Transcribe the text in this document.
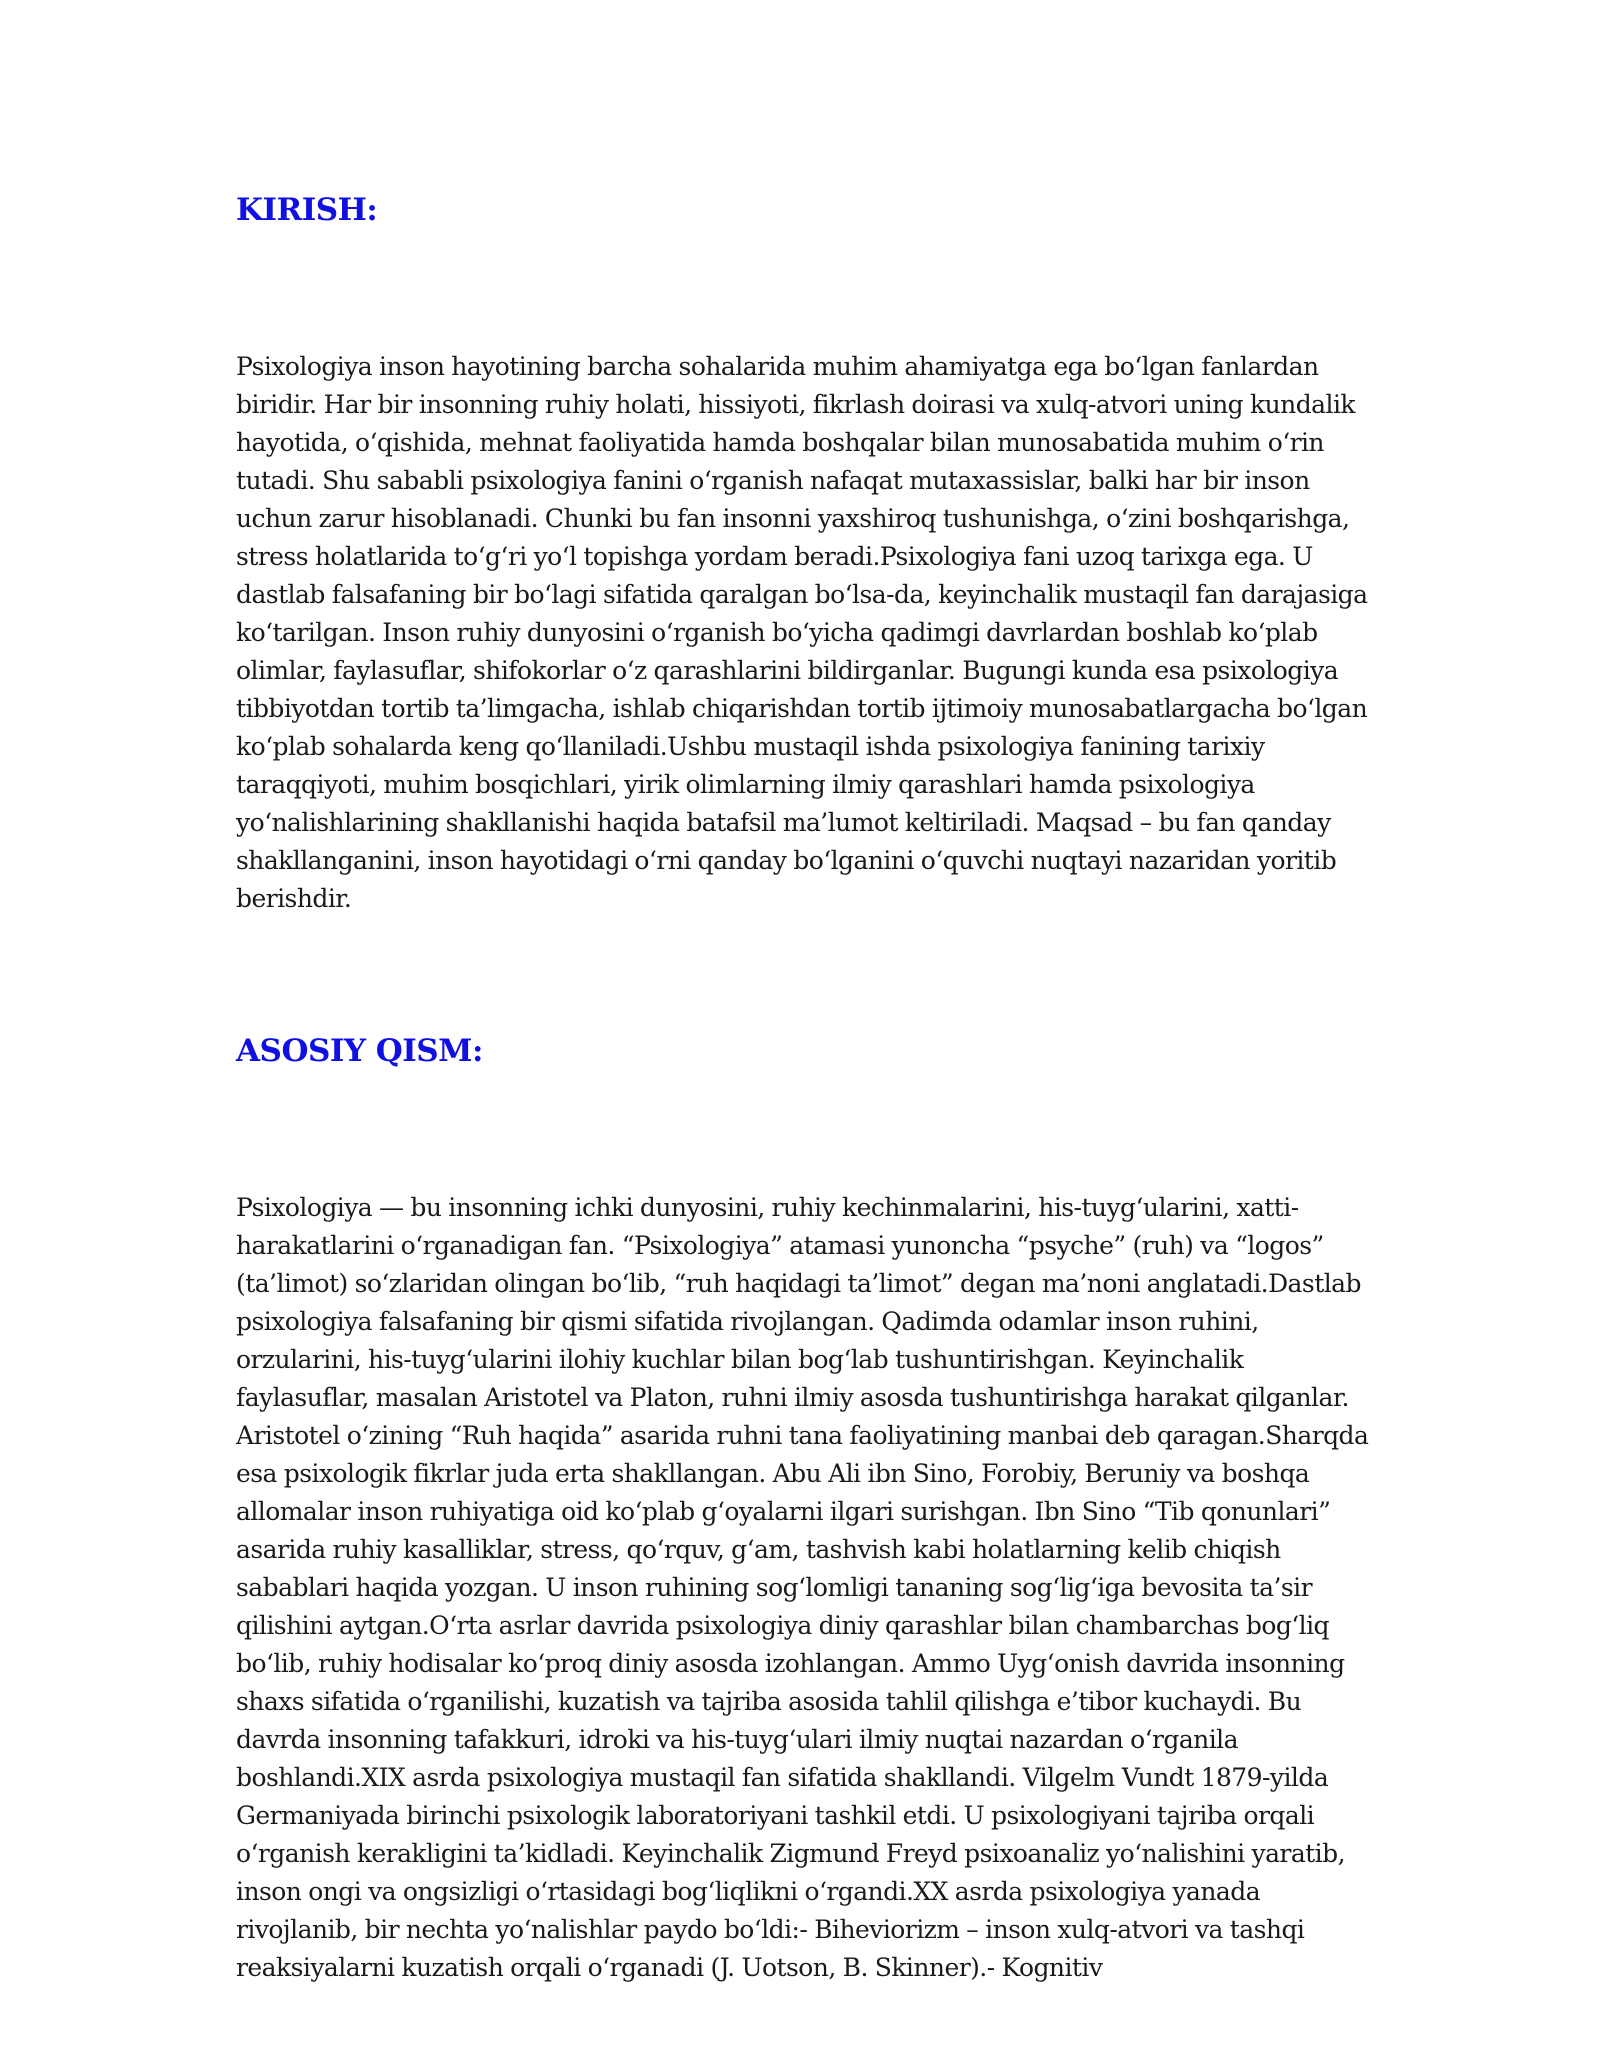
KIRISH:

Psixologiya inson hayotining barcha sohalarida muhim ahamiyatga ega bo‘lgan fanlardan biridir. Har bir insonning ruhiy holati, hissiyoti, fikrlash doirasi va xulq-atvori uning kundalik hayotida, o‘qishida, mehnat faoliyatida hamda boshqalar bilan munosabatida muhim o‘rin tutadi. Shu sababli psixologiya fanini o‘rganish nafaqat mutaxassislar, balki har bir inson uchun zarur hisoblanadi. Chunki bu fan insonni yaxshiroq tushunishga, o‘zini boshqarishga, stress holatlarida to‘g‘ri yo‘l topishga yordam beradi.Psixologiya fani uzoq tarixga ega. U dastlab falsafaning bir bo‘lagi sifatida qaralgan bo‘lsa-da, keyinchalik mustaqil fan darajasiga ko‘tarilgan. Inson ruhiy dunyosini o‘rganish bo‘yicha qadimgi davrlardan boshlab ko‘plab olimlar, faylasuflar, shifokorlar o‘z qarashlarini bildirganlar. Bugungi kunda esa psixologiya tibbiyotdan tortib ta’limgacha, ishlab chiqarishdan tortib ijtimoiy munosabatlargacha bo‘lgan ko‘plab sohalarda keng qo‘llaniladi.Ushbu mustaqil ishda psixologiya fanining tarixiy taraqqiyoti, muhim bosqichlari, yirik olimlarning ilmiy qarashlari hamda psixologiya yo‘nalishlarining shakllanishi haqida batafsil ma’lumot keltiriladi. Maqsad – bu fan qanday shakllanganini, inson hayotidagi o‘rni qanday bo‘lganini o‘quvchi nuqtayi nazaridan yoritib berishdir.

ASOSIY QISM:

Psixologiya — bu insonning ichki dunyosini, ruhiy kechinmalarini, his-tuyg‘ularini, xatti-harakatlarini o‘rganadigan fan. “Psixologiya” atamasi yunoncha “psyche” (ruh) va “logos” (ta’limot) so‘zlaridan olingan bo‘lib, “ruh haqidagi ta’limot” degan ma’noni anglatadi.Dastlab psixologiya falsafaning bir qismi sifatida rivojlangan. Qadimda odamlar inson ruhini, orzularini, his-tuyg‘ularini ilohiy kuchlar bilan bog‘lab tushuntirishgan. Keyinchalik faylasuflar, masalan Aristotel va Platon, ruhni ilmiy asosda tushuntirishga harakat qilganlar. Aristotel o‘zining “Ruh haqida” asarida ruhni tana faoliyatining manbai deb qaragan.Sharqda esa psixologik fikrlar juda erta shakllangan. Abu Ali ibn Sino, Forobiy, Beruniy va boshqa allomalar inson ruhiyatiga oid ko‘plab g‘oyalarni ilgari surishgan. Ibn Sino “Tib qonunlari” asarida ruhiy kasalliklar, stress, qo‘rquv, g‘am, tashvish kabi holatlarning kelib chiqish sabablari haqida yozgan. U inson ruhining sog‘lomligi tananing sog‘lig‘iga bevosita ta’sir qilishini aytgan.O‘rta asrlar davrida psixologiya diniy qarashlar bilan chambarchas bog‘liq bo‘lib, ruhiy hodisalar ko‘proq diniy asosda izohlangan. Ammo Uyg‘onish davrida insonning shaxs sifatida o‘rganilishi, kuzatish va tajriba asosida tahlil qilishga e’tibor kuchaydi. Bu davrda insonning tafakkuri, idroki va his-tuyg‘ulari ilmiy nuqtai nazardan o‘rganila boshlandi.XIX asrda psixologiya mustaqil fan sifatida shakllandi. Vilgelm Vundt 1879-yilda Germaniyada birinchi psixologik laboratoriyani tashkil etdi. U psixologiyani tajriba orqali o‘rganish kerakligini ta’kidladi. Keyinchalik Zigmund Freyd psixoanaliz yo‘nalishini yaratib, inson ongi va ongsizligi o‘rtasidagi bog‘liqlikni o‘rgandi.XX asrda psixologiya yanada rivojlanib, bir nechta yo‘nalishlar paydo bo‘ldi:- Biheviorizm – inson xulq-atvori va tashqi reaksiyalarni kuzatish orqali o‘rganadi (J. Uotson, B. Skinner).- Kognitiv
